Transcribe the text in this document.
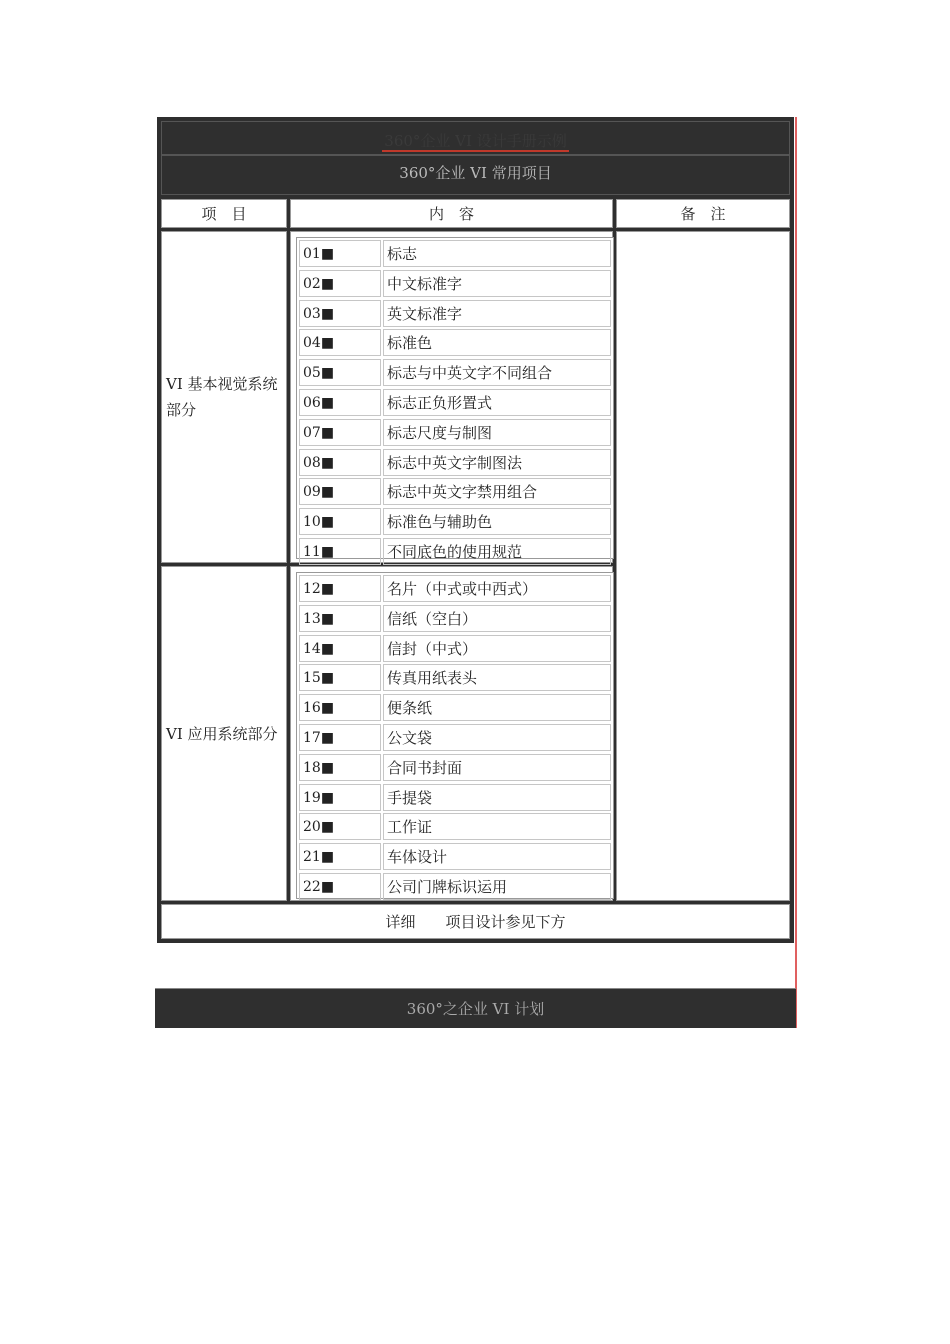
360°企业 VI 设计手册示例
360°企业 VI 常用项目
项　目	内　容	备　注
VI 基本视觉系统部分
01■	标志
02■	中文标准字
03■	英文标准字
04■	标准色
05■	标志与中英文字不同组合
06■	标志正负形置式
07■	标志尺度与制图
08■	标志中英文字制图法
09■	标志中英文字禁用组合
10■	标准色与辅助色
11■	不同底色的使用规范
VI 应用系统部分
12■	名片（中式或中西式）
13■	信纸（空白）
14■	信封（中式）
15■	传真用纸表头
16■	便条纸
17■	公文袋
18■	合同书封面
19■	手提袋
20■	工作证
21■	车体设计
22■	公司门牌标识运用
详细 项目设计参见下方
360°之企业 VI 计划
